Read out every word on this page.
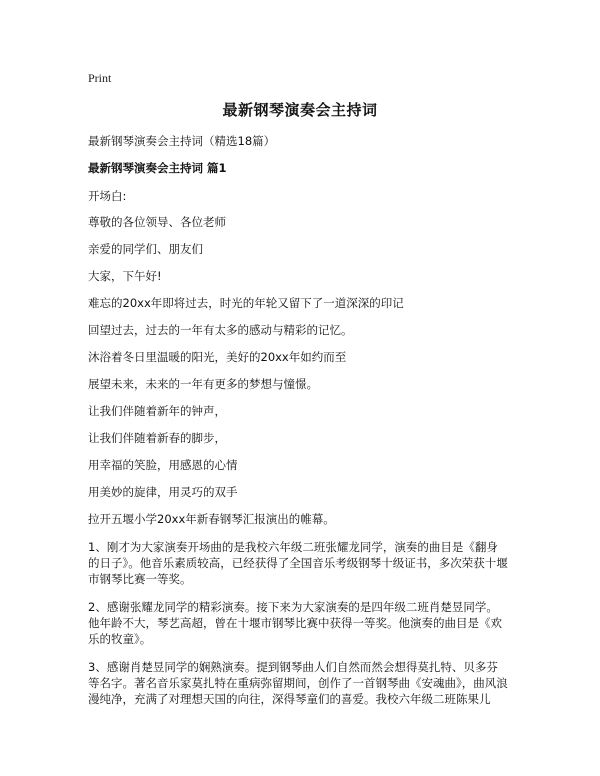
Print
最新钢琴演奏会主持词
最新钢琴演奏会主持词（精选18篇）
最新钢琴演奏会主持词 篇1
开场白:
尊敬的各位领导、各位老师
亲爱的同学们、朋友们
大家，下午好!
难忘的20xx年即将过去，时光的年轮又留下了一道深深的印记
回望过去，过去的一年有太多的感动与精彩的记忆。
沐浴着冬日里温暖的阳光，美好的20xx年如约而至
展望未来，未来的一年有更多的梦想与憧憬。
让我们伴随着新年的钟声，
让我们伴随着新春的脚步，
用幸福的笑脸，用感恩的心情
用美妙的旋律，用灵巧的双手
拉开五堰小学20xx年新春钢琴汇报演出的帷幕。
1、刚才为大家演奏开场曲的是我校六年级二班张耀龙同学，演奏的曲目是《翻身的日子》。他音乐素质较高，已经获得了全国音乐考级钢琴十级证书，多次荣获十堰市钢琴比赛一等奖。
2、感谢张耀龙同学的精彩演奏。接下来为大家演奏的是四年级二班肖楚昱同学。他年龄不大，琴艺高超，曾在十堰市钢琴比赛中获得一等奖。他演奏的曲目是《欢乐的牧童》。
3、感谢肖楚昱同学的娴熟演奏。提到钢琴曲人们自然而然会想得莫扎特、贝多芬等名字。著名音乐家莫扎特在重病弥留期间，创作了一首钢琴曲《安魂曲》，曲风浪漫纯净，充满了对理想天国的向往，深得琴童们的喜爱。我校六年级二班陈果儿
